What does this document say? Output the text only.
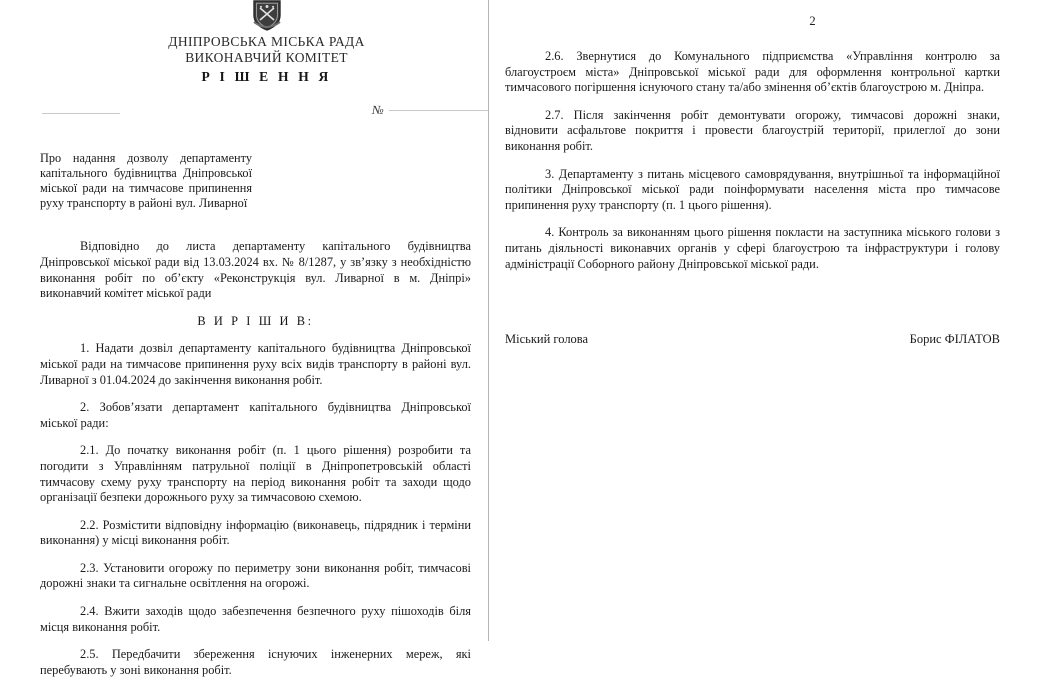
ДНІПРОВСЬКА МІСЬКА РАДА
ВИКОНАВЧИЙ КОМІТЕТ
Р І Ш Е Н Н Я
№
Про надання дозволу департаменту капітального будівництва Дніпровської міської ради на тимчасове припинення руху транспорту в районі вул. Ливарної

Відповідно до листа департаменту капітального будівництва Дніпровської міської ради від 13.03.2024 вх. № 8/1287, у зв’язку з необхідністю виконання робіт по об’єкту «Реконструкція вул. Ливарної в м. Дніпрі» виконавчий комітет міської ради

В И Р І Ш И В:

1. Надати дозвіл департаменту капітального будівництва Дніпровської міської ради на тимчасове припинення руху всіх видів транспорту в районі вул. Ливарної з 01.04.2024 до закінчення виконання робіт.

2. Зобов’язати департамент капітального будівництва Дніпровської міської ради:

2.1. До початку виконання робіт (п. 1 цього рішення) розробити та погодити з Управлінням патрульної поліції в Дніпропетровській області тимчасову схему руху транспорту на період виконання робіт та заходи щодо організації безпеки дорожнього руху за тимчасовою схемою.

2.2. Розмістити відповідну інформацію (виконавець, підрядник і терміни виконання) у місці виконання робіт.

2.3. Установити огорожу по периметру зони виконання робіт, тимчасові дорожні знаки та сигнальне освітлення на огорожі.

2.4. Вжити заходів щодо забезпечення безпечного руху пішоходів біля місця виконання робіт.

2.5. Передбачити збереження існуючих інженерних мереж, які перебувають у зоні виконання робіт.

2

2.6. Звернутися до Комунального підприємства «Управління контролю за благоустроєм міста» Дніпровської міської ради для оформлення контрольної картки тимчасового погіршення існуючого стану та/або змінення об’єктів благоустрою м. Дніпра.

2.7. Після закінчення робіт демонтувати огорожу, тимчасові дорожні знаки, відновити асфальтове покриття і провести благоустрій території, прилеглої до зони виконання робіт.

3. Департаменту з питань місцевого самоврядування, внутрішньої та інформаційної політики Дніпровської міської ради поінформувати населення міста про тимчасове припинення руху транспорту (п. 1 цього рішення).

4. Контроль за виконанням цього рішення покласти на заступника міського голови з питань діяльності виконавчих органів у сфері благоустрою та інфраструктури і голову адміністрації Соборного району Дніпровської міської ради.

Міський голова	Борис ФІЛАТОВ
